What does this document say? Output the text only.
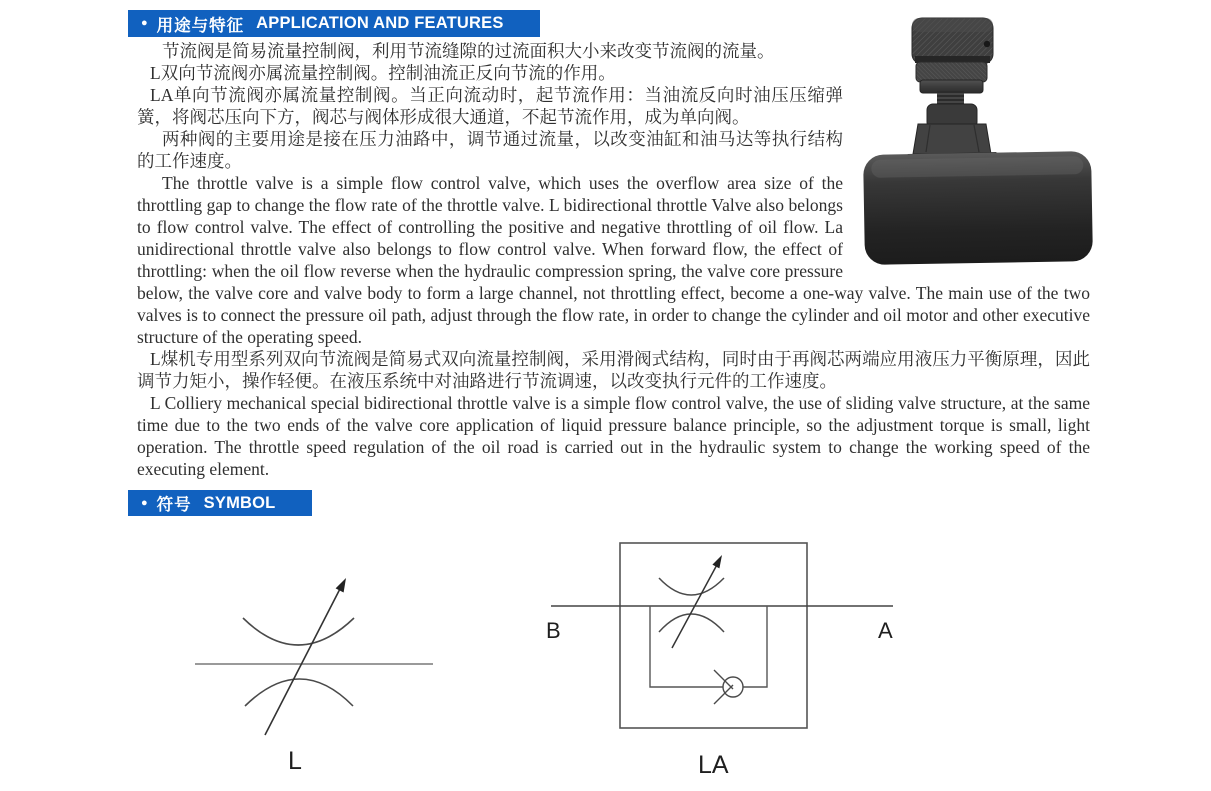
● 用途与特征 APPLICATION AND FEATURES

节流阀是简易流量控制阀，利用节流缝隙的过流面积大小来改变节流阀的流量。

L双向节流阀亦属流量控制阀。控制油流正反向节流的作用。

LA单向节流阀亦属流量控制阀。当正向流动时，起节流作用：当油流反向时油压压缩弹簧，将阀芯压向下方，阀芯与阀体形成很大通道，不起节流作用，成为单向阀。

两种阀的主要用途是接在压力油路中，调节通过流量，以改变油缸和油马达等执行结构的工作速度。

The throttle valve is a simple flow control valve, which uses the overflow area size of the throttling gap to change the flow rate of the throttle valve. L bidirectional throttle Valve also belongs to flow control valve. The effect of controlling the positive and negative throttling of oil flow. La unidirectional throttle valve also belongs to flow control valve. When forward flow, the effect of throttling: when the oil flow reverse when the hydraulic compression spring, the valve core pressure below, the valve core and valve body to form a large channel, not throttling effect, become a one-way valve. The main use of the two valves is to connect the pressure oil path, adjust through the flow rate, in order to change the cylinder and oil motor and other executive structure of the operating speed.

L煤机专用型系列双向节流阀是简易式双向流量控制阀，采用滑阀式结构，同时由于再阀芯两端应用液压力平衡原理，因此调节力矩小，操作轻便。在液压系统中对油路进行节流调速，以改变执行元件的工作速度。

L Colliery mechanical special bidirectional throttle valve is a simple flow control valve, the use of sliding valve structure, at the same time due to the two ends of the valve core application of liquid pressure balance principle, so the adjustment torque is small, light operation. The throttle speed regulation of the oil road is carried out in the hydraulic system to change the working speed of the executing element.

● 符号 SYMBOL
B	A
L	LA
